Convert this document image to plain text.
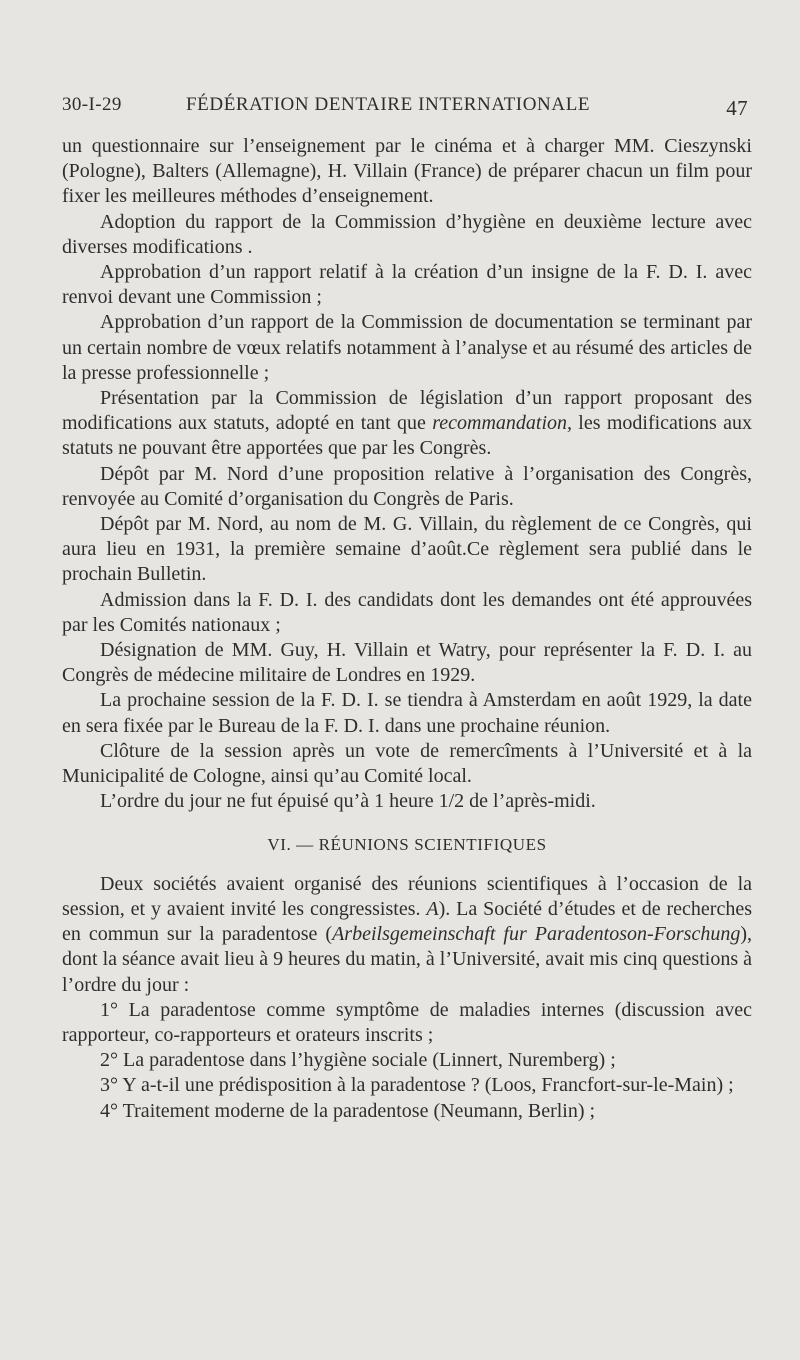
30-I-29	FÉDÉRATION DENTAIRE INTERNATIONALE	47

un questionnaire sur l’enseignement par le cinéma et à charger MM. Cieszynski (Pologne), Balters (Allemagne), H. Villain (France) de préparer chacun un film pour fixer les meilleures méthodes d’enseignement.

Adoption du rapport de la Commission d’hygiène en deuxième lecture avec diverses modifications .

Approbation d’un rapport relatif à la création d’un insigne de la F. D. I. avec renvoi devant une Commission ;

Approbation d’un rapport de la Commission de documentation se terminant par un certain nombre de vœux relatifs notamment à l’analyse et au résumé des articles de la presse professionnelle ;

Présentation par la Commission de législation d’un rapport proposant des modifications aux statuts, adopté en tant que recommandation, les modifications aux statuts ne pouvant être apportées que par les Congrès.

Dépôt par M. Nord d’une proposition relative à l’organisation des Congrès, renvoyée au Comité d’organisation du Congrès de Paris.

Dépôt par M. Nord, au nom de M. G. Villain, du règlement de ce Congrès, qui aura lieu en 1931, la première semaine d’août.Ce règlement sera publié dans le prochain Bulletin.

Admission dans la F. D. I. des candidats dont les demandes ont été approuvées par les Comités nationaux ;

Désignation de MM. Guy, H. Villain et Watry, pour représenter la F. D. I. au Congrès de médecine militaire de Londres en 1929.

La prochaine session de la F. D. I. se tiendra à Amsterdam en août 1929, la date en sera fixée par le Bureau de la F. D. I. dans une prochaine réunion.

Clôture de la session après un vote de remercîments à l’Université et à la Municipalité de Cologne, ainsi qu’au Comité local.

L’ordre du jour ne fut épuisé qu’à 1 heure 1/2 de l’après-midi.

VI. — RÉUNIONS SCIENTIFIQUES

Deux sociétés avaient organisé des réunions scientifiques à l’occasion de la session, et y avaient invité les congressistes. A). La Société d’études et de recherches en commun sur la paradentose (Arbeilsgemeinschaft fur Paradentoson-Forschung), dont la séance avait lieu à 9 heures du matin, à l’Université, avait mis cinq questions à l’ordre du jour :

1° La paradentose comme symptôme de maladies internes (discussion avec rapporteur, co-rapporteurs et orateurs inscrits ;

2° La paradentose dans l’hygiène sociale (Linnert, Nuremberg) ;

3° Y a-t-il une prédisposition à la paradentose ? (Loos, Francfort-sur-le-Main) ;

4° Traitement moderne de la paradentose (Neumann, Berlin) ;
